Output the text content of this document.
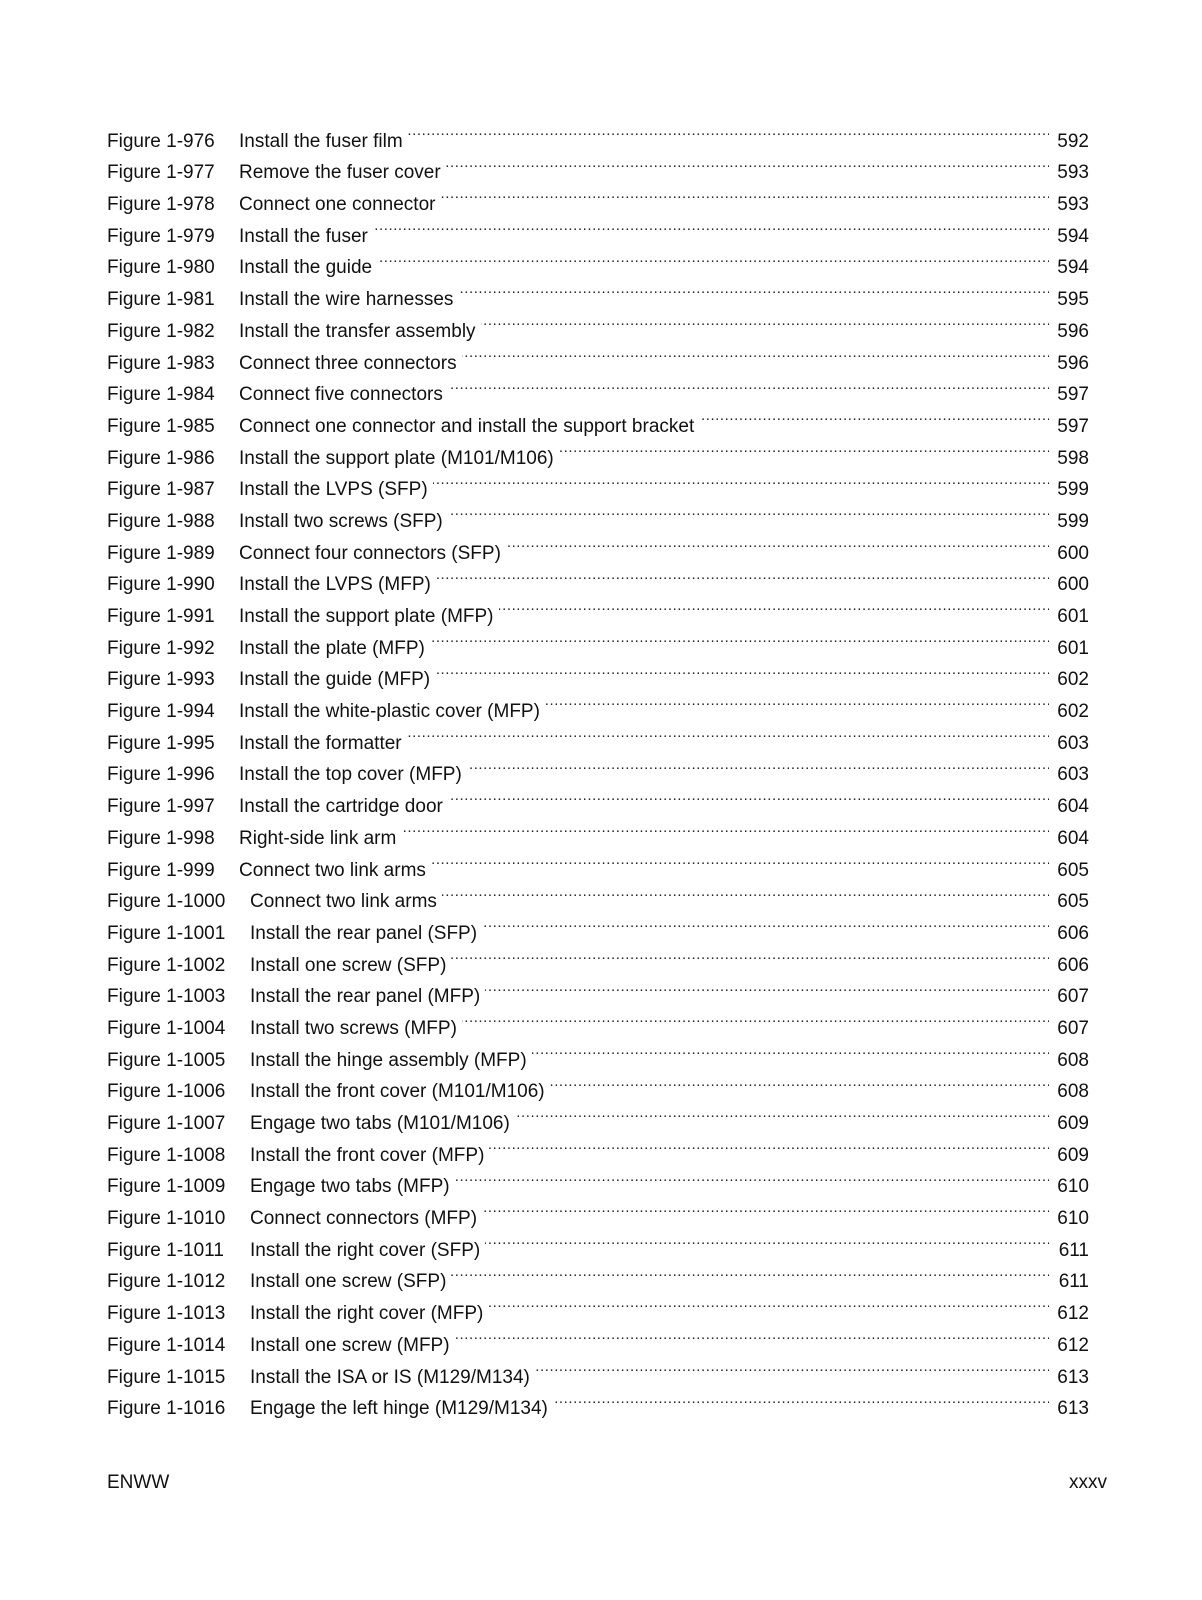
Figure 1-976	Install the fuser film . . .	592
Figure 1-977	Remove the fuser cover . . .	593
Figure 1-978	Connect one connector . . .	593
Figure 1-979	Install the fuser . . .	594
Figure 1-980	Install the guide . . .	594
Figure 1-981	Install the wire harnesses . . .	595
Figure 1-982	Install the transfer assembly . . .	596
Figure 1-983	Connect three connectors . . .	596
Figure 1-984	Connect five connectors . . .	597
Figure 1-985	Connect one connector and install the support bracket . . .	597
Figure 1-986	Install the support plate (M101/M106) . . .	598
Figure 1-987	Install the LVPS (SFP) . . .	599
Figure 1-988	Install two screws (SFP) . . .	599
Figure 1-989	Connect four connectors (SFP) . . .	600
Figure 1-990	Install the LVPS (MFP) . . .	600
Figure 1-991	Install the support plate (MFP) . . .	601
Figure 1-992	Install the plate (MFP) . . .	601
Figure 1-993	Install the guide (MFP) . . .	602
Figure 1-994	Install the white-plastic cover (MFP) . . .	602
Figure 1-995	Install the formatter . . .	603
Figure 1-996	Install the top cover (MFP) . . .	603
Figure 1-997	Install the cartridge door . . .	604
Figure 1-998	Right-side link arm . . .	604
Figure 1-999	Connect two link arms . . .	605
Figure 1-1000	Connect two link arms . . .	605
Figure 1-1001	Install the rear panel (SFP) . . .	606
Figure 1-1002	Install one screw (SFP) . . .	606
Figure 1-1003	Install the rear panel (MFP) . . .	607
Figure 1-1004	Install two screws (MFP) . . .	607
Figure 1-1005	Install the hinge assembly (MFP) . . .	608
Figure 1-1006	Install the front cover (M101/M106) . . .	608
Figure 1-1007	Engage two tabs (M101/M106) . . .	609
Figure 1-1008	Install the front cover (MFP) . . .	609
Figure 1-1009	Engage two tabs (MFP) . . .	610
Figure 1-1010	Connect connectors (MFP) . . .	610
Figure 1-1011	Install the right cover (SFP) . . .	611
Figure 1-1012	Install one screw (SFP) . . .	611
Figure 1-1013	Install the right cover (MFP) . . .	612
Figure 1-1014	Install one screw (MFP) . . .	612
Figure 1-1015	Install the ISA or IS (M129/M134) . . .	613
Figure 1-1016	Engage the left hinge (M129/M134) . . .	613
ENWW	xxxv
